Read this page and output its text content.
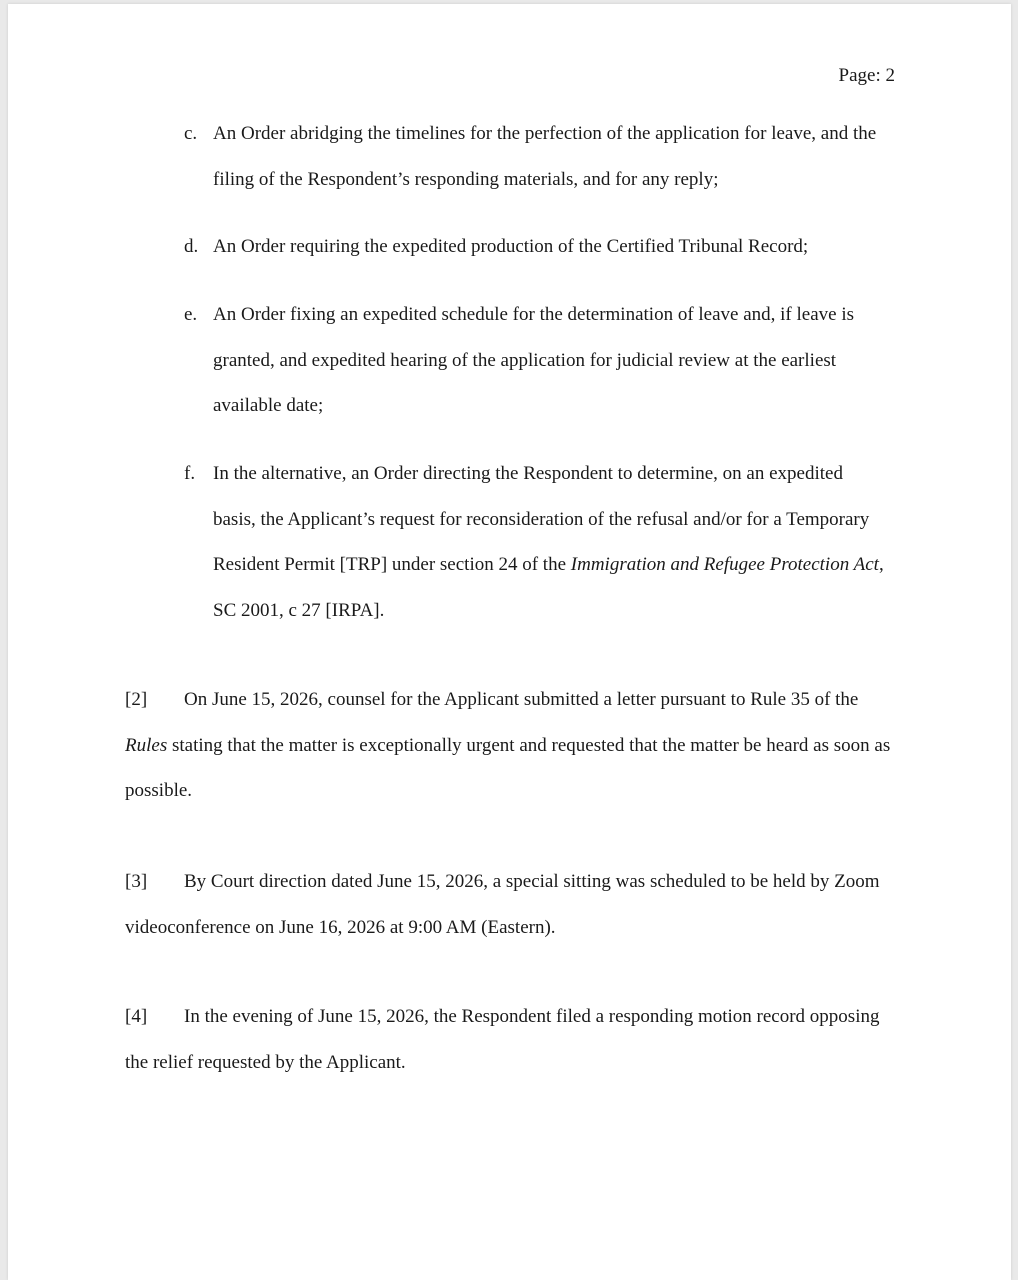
Page: 2
c. An Order abridging the timelines for the perfection of the application for leave, and the filing of the Respondent’s responding materials, and for any reply;
d. An Order requiring the expedited production of the Certified Tribunal Record;
e. An Order fixing an expedited schedule for the determination of leave and, if leave is granted, and expedited hearing of the application for judicial review at the earliest available date;
f. In the alternative, an Order directing the Respondent to determine, on an expedited basis, the Applicant’s request for reconsideration of the refusal and/or for a Temporary Resident Permit [TRP] under section 24 of the Immigration and Refugee Protection Act, SC 2001, c 27 [IRPA].
[2] On June 15, 2026, counsel for the Applicant submitted a letter pursuant to Rule 35 of the Rules stating that the matter is exceptionally urgent and requested that the matter be heard as soon as possible.
[3] By Court direction dated June 15, 2026, a special sitting was scheduled to be held by Zoom videoconference on June 16, 2026 at 9:00 AM (Eastern).
[4] In the evening of June 15, 2026, the Respondent filed a responding motion record opposing the relief requested by the Applicant.
